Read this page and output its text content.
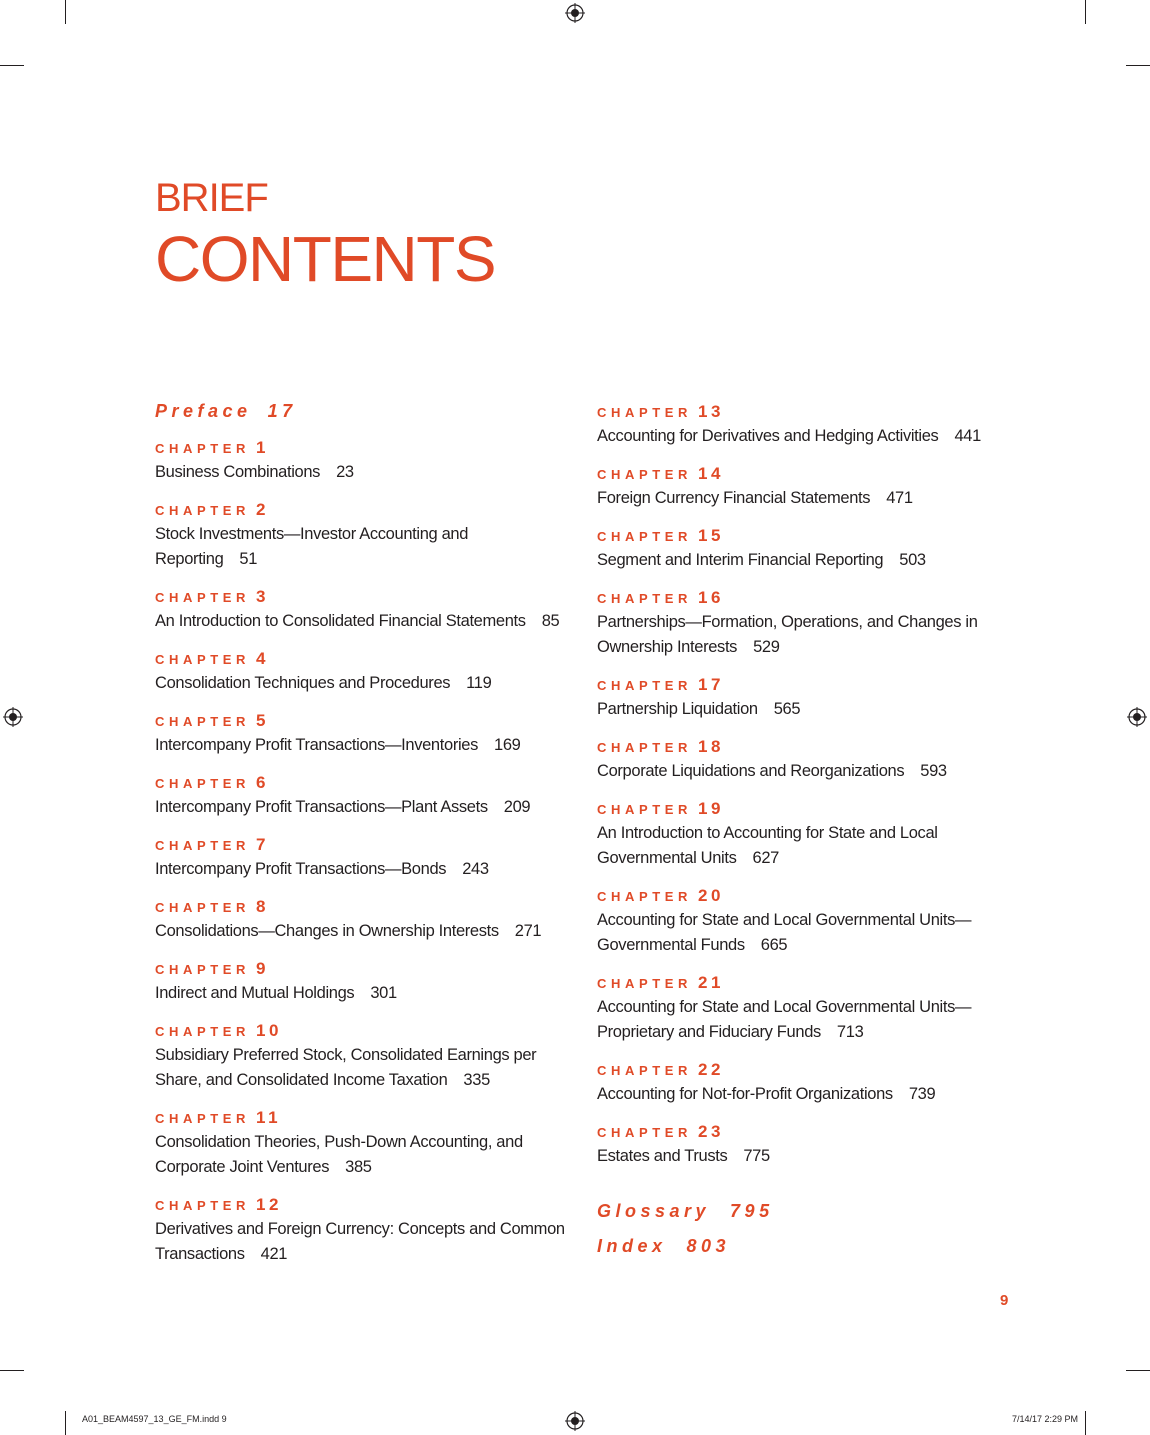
BRIEF
CONTENTS
Preface 17
CHAPTER 1
Business Combinations 23
CHAPTER 2
Stock Investments—Investor Accounting and
Reporting 51
CHAPTER 3
An Introduction to Consolidated Financial Statements 85
CHAPTER 4
Consolidation Techniques and Procedures 119
CHAPTER 5
Intercompany Profit Transactions—Inventories 169
CHAPTER 6
Intercompany Profit Transactions—Plant Assets 209
CHAPTER 7
Intercompany Profit Transactions—Bonds 243
CHAPTER 8
Consolidations—Changes in Ownership Interests 271
CHAPTER 9
Indirect and Mutual Holdings 301
CHAPTER 10
Subsidiary Preferred Stock, Consolidated Earnings per
Share, and Consolidated Income Taxation 335
CHAPTER 11
Consolidation Theories, Push-Down Accounting, and
Corporate Joint Ventures 385
CHAPTER 12
Derivatives and Foreign Currency: Concepts and Common
Transactions 421
CHAPTER 13
Accounting for Derivatives and Hedging Activities 441
CHAPTER 14
Foreign Currency Financial Statements 471
CHAPTER 15
Segment and Interim Financial Reporting 503
CHAPTER 16
Partnerships—Formation, Operations, and Changes in
Ownership Interests 529
CHAPTER 17
Partnership Liquidation 565
CHAPTER 18
Corporate Liquidations and Reorganizations 593
CHAPTER 19
An Introduction to Accounting for State and Local
Governmental Units 627
CHAPTER 20
Accounting for State and Local Governmental Units—
Governmental Funds 665
CHAPTER 21
Accounting for State and Local Governmental Units—
Proprietary and Fiduciary Funds 713
CHAPTER 22
Accounting for Not-for-Profit Organizations 739
CHAPTER 23
Estates and Trusts 775
Glossary 795
Index 803
9
A01_BEAM4597_13_GE_FM.indd 9	7/14/17 2:29 PM
